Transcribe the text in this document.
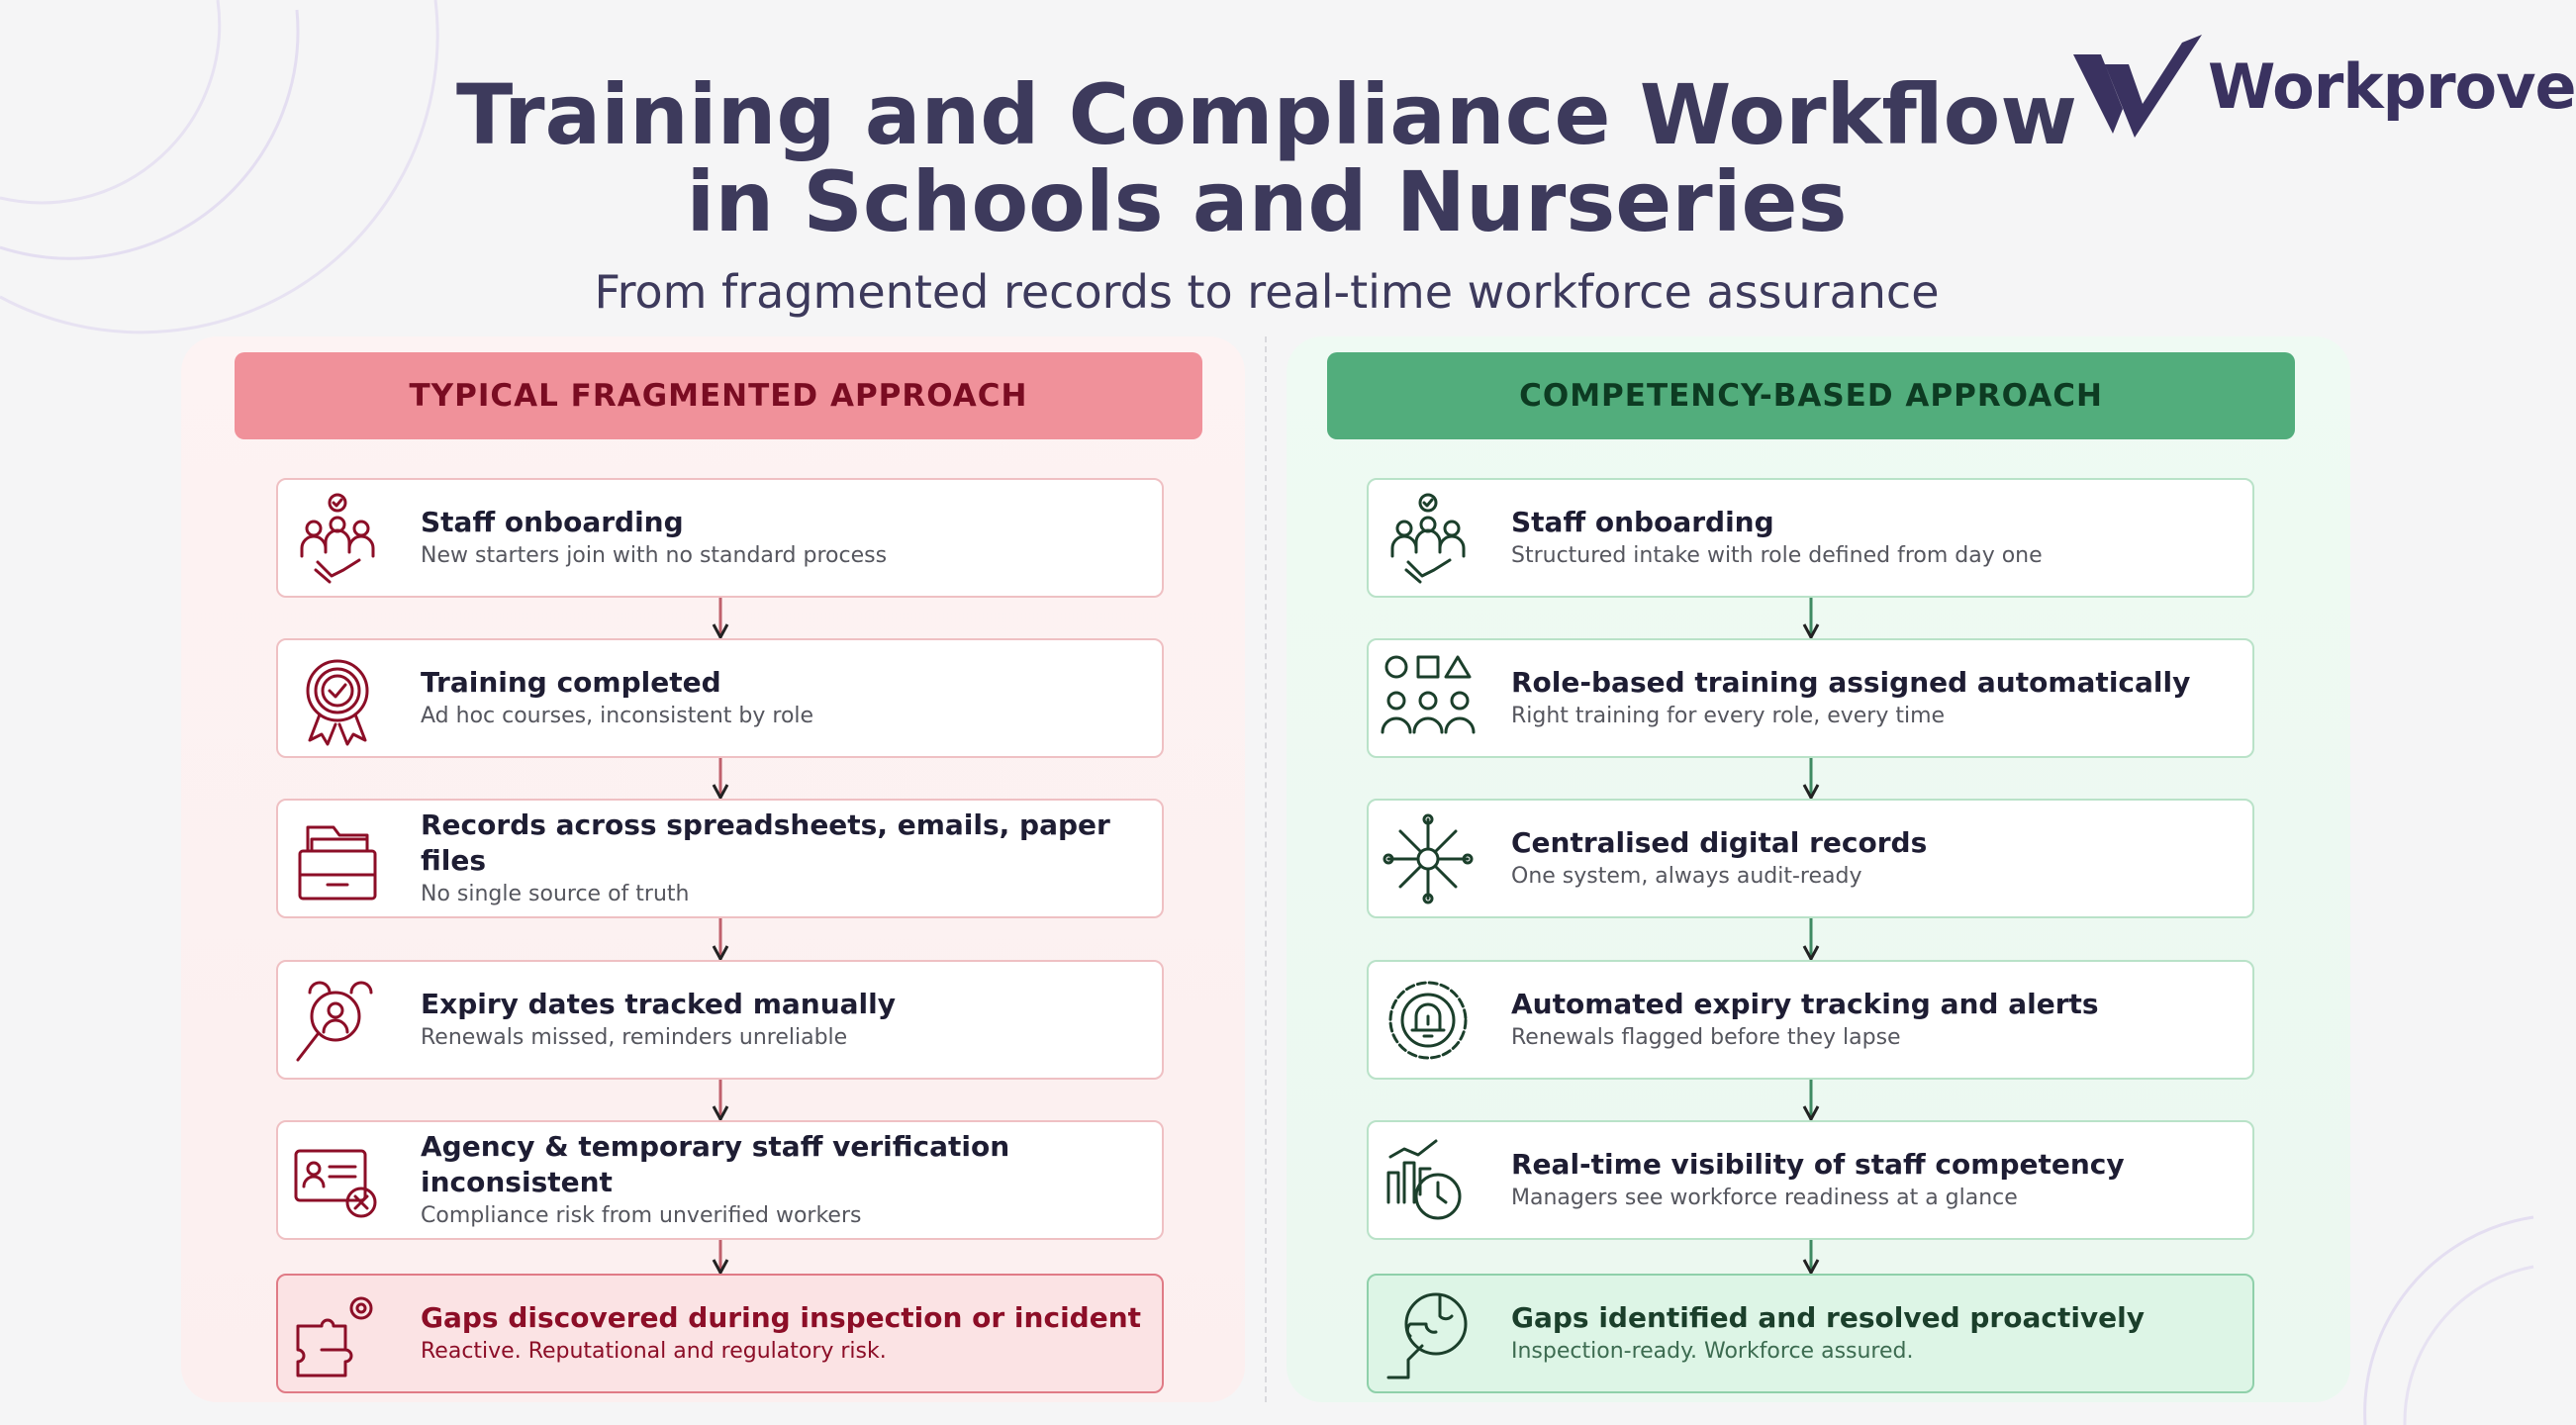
Training and Compliance Workflow
in Schools and Nurseries
From fragmented records to real-time workforce assurance
Workprove
TYPICAL FRAGMENTED APPROACH	COMPETENCY-BASED APPROACH
Staff onboarding
New starters join with no standard process
Training completed
Ad hoc courses, inconsistent by role
Records across spreadsheets, emails, paper files
No single source of truth
Expiry dates tracked manually
Renewals missed, reminders unreliable
Agency & temporary staff verification inconsistent
Compliance risk from unverified workers
Gaps discovered during inspection or incident
Reactive. Reputational and regulatory risk.
Staff onboarding
Structured intake with role defined from day one
Role-based training assigned automatically
Right training for every role, every time
Centralised digital records
One system, always audit-ready
Automated expiry tracking and alerts
Renewals flagged before they lapse
Real-time visibility of staff competency
Managers see workforce readiness at a glance
Gaps identified and resolved proactively
Inspection-ready. Workforce assured.
